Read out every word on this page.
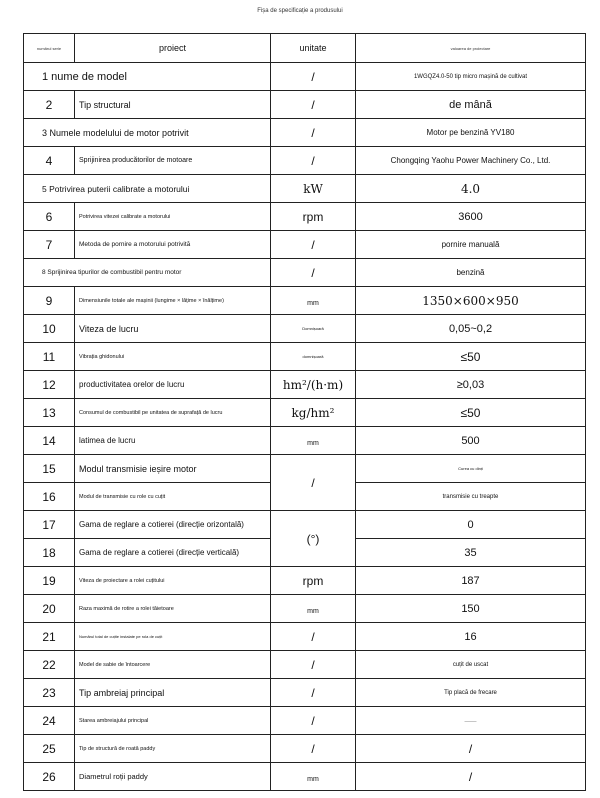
Fișa de specificație a produsului
numărul serie	proiect	unitate	valoarea de proiectare
1 nume de model		/	1WGQZ4.0-50 tip micro mașină de cultivat
2	Tip structural	/	de mână
3 Numele modelului de motor potrivit		/	Motor pe benzină YV180
4	Sprijinirea producătorilor de motoare	/	Chongqing Yaohu Power Machinery Co., Ltd.
5 Potrivirea puterii calibrate a motorului		kW	4.0
6	Potrivirea vitezei calibrate a motorului	rpm	3600
7	Metoda de pornire a motorului potrivită	/	pornire manuală
8 Sprijinirea tipurilor de combustibil pentru motor		/	benzină
9	Dimensiunile totale ale mașinii (lungime × lățime × înălțime)	mm	1350×600×950
10	Viteza de lucru	Domnișoară	0,05~0,2
11	Vibrația ghidonului	domnișoară	≤50
12	productivitatea orelor de lucru	hm²/(h·m)	≥0,03
13	Consumul de combustibil pe unitatea de suprafață de lucru	kg/hm²	≤50
14	latimea de lucru	mm	500
15	Modul transmisie ieșire motor	/	Curea cu dinți
16	Modul de transmisie cu role cu cuțit		transmisie cu treapte
17	Gama de reglare a cotierei (direcție orizontală)	(°)	0
18	Gama de reglare a cotierei (direcție verticală)		35
19	Viteza de proiectare a rolei cuțitului	rpm	187
20	Raza maximă de rotire a rolei tăietoare	mm	150
21	Numărul total de cuțite instalate pe rola de cuțit	/	16
22	Model de sabie de întoarcere	/	cuțit de uscat
23	Tip ambreiaj principal	/	Tip placă de frecare
24	Starea ambreiajului principal	/	———
25	Tip de structură de roată paddy	/	/
26	Diametrul roții paddy	mm	/
